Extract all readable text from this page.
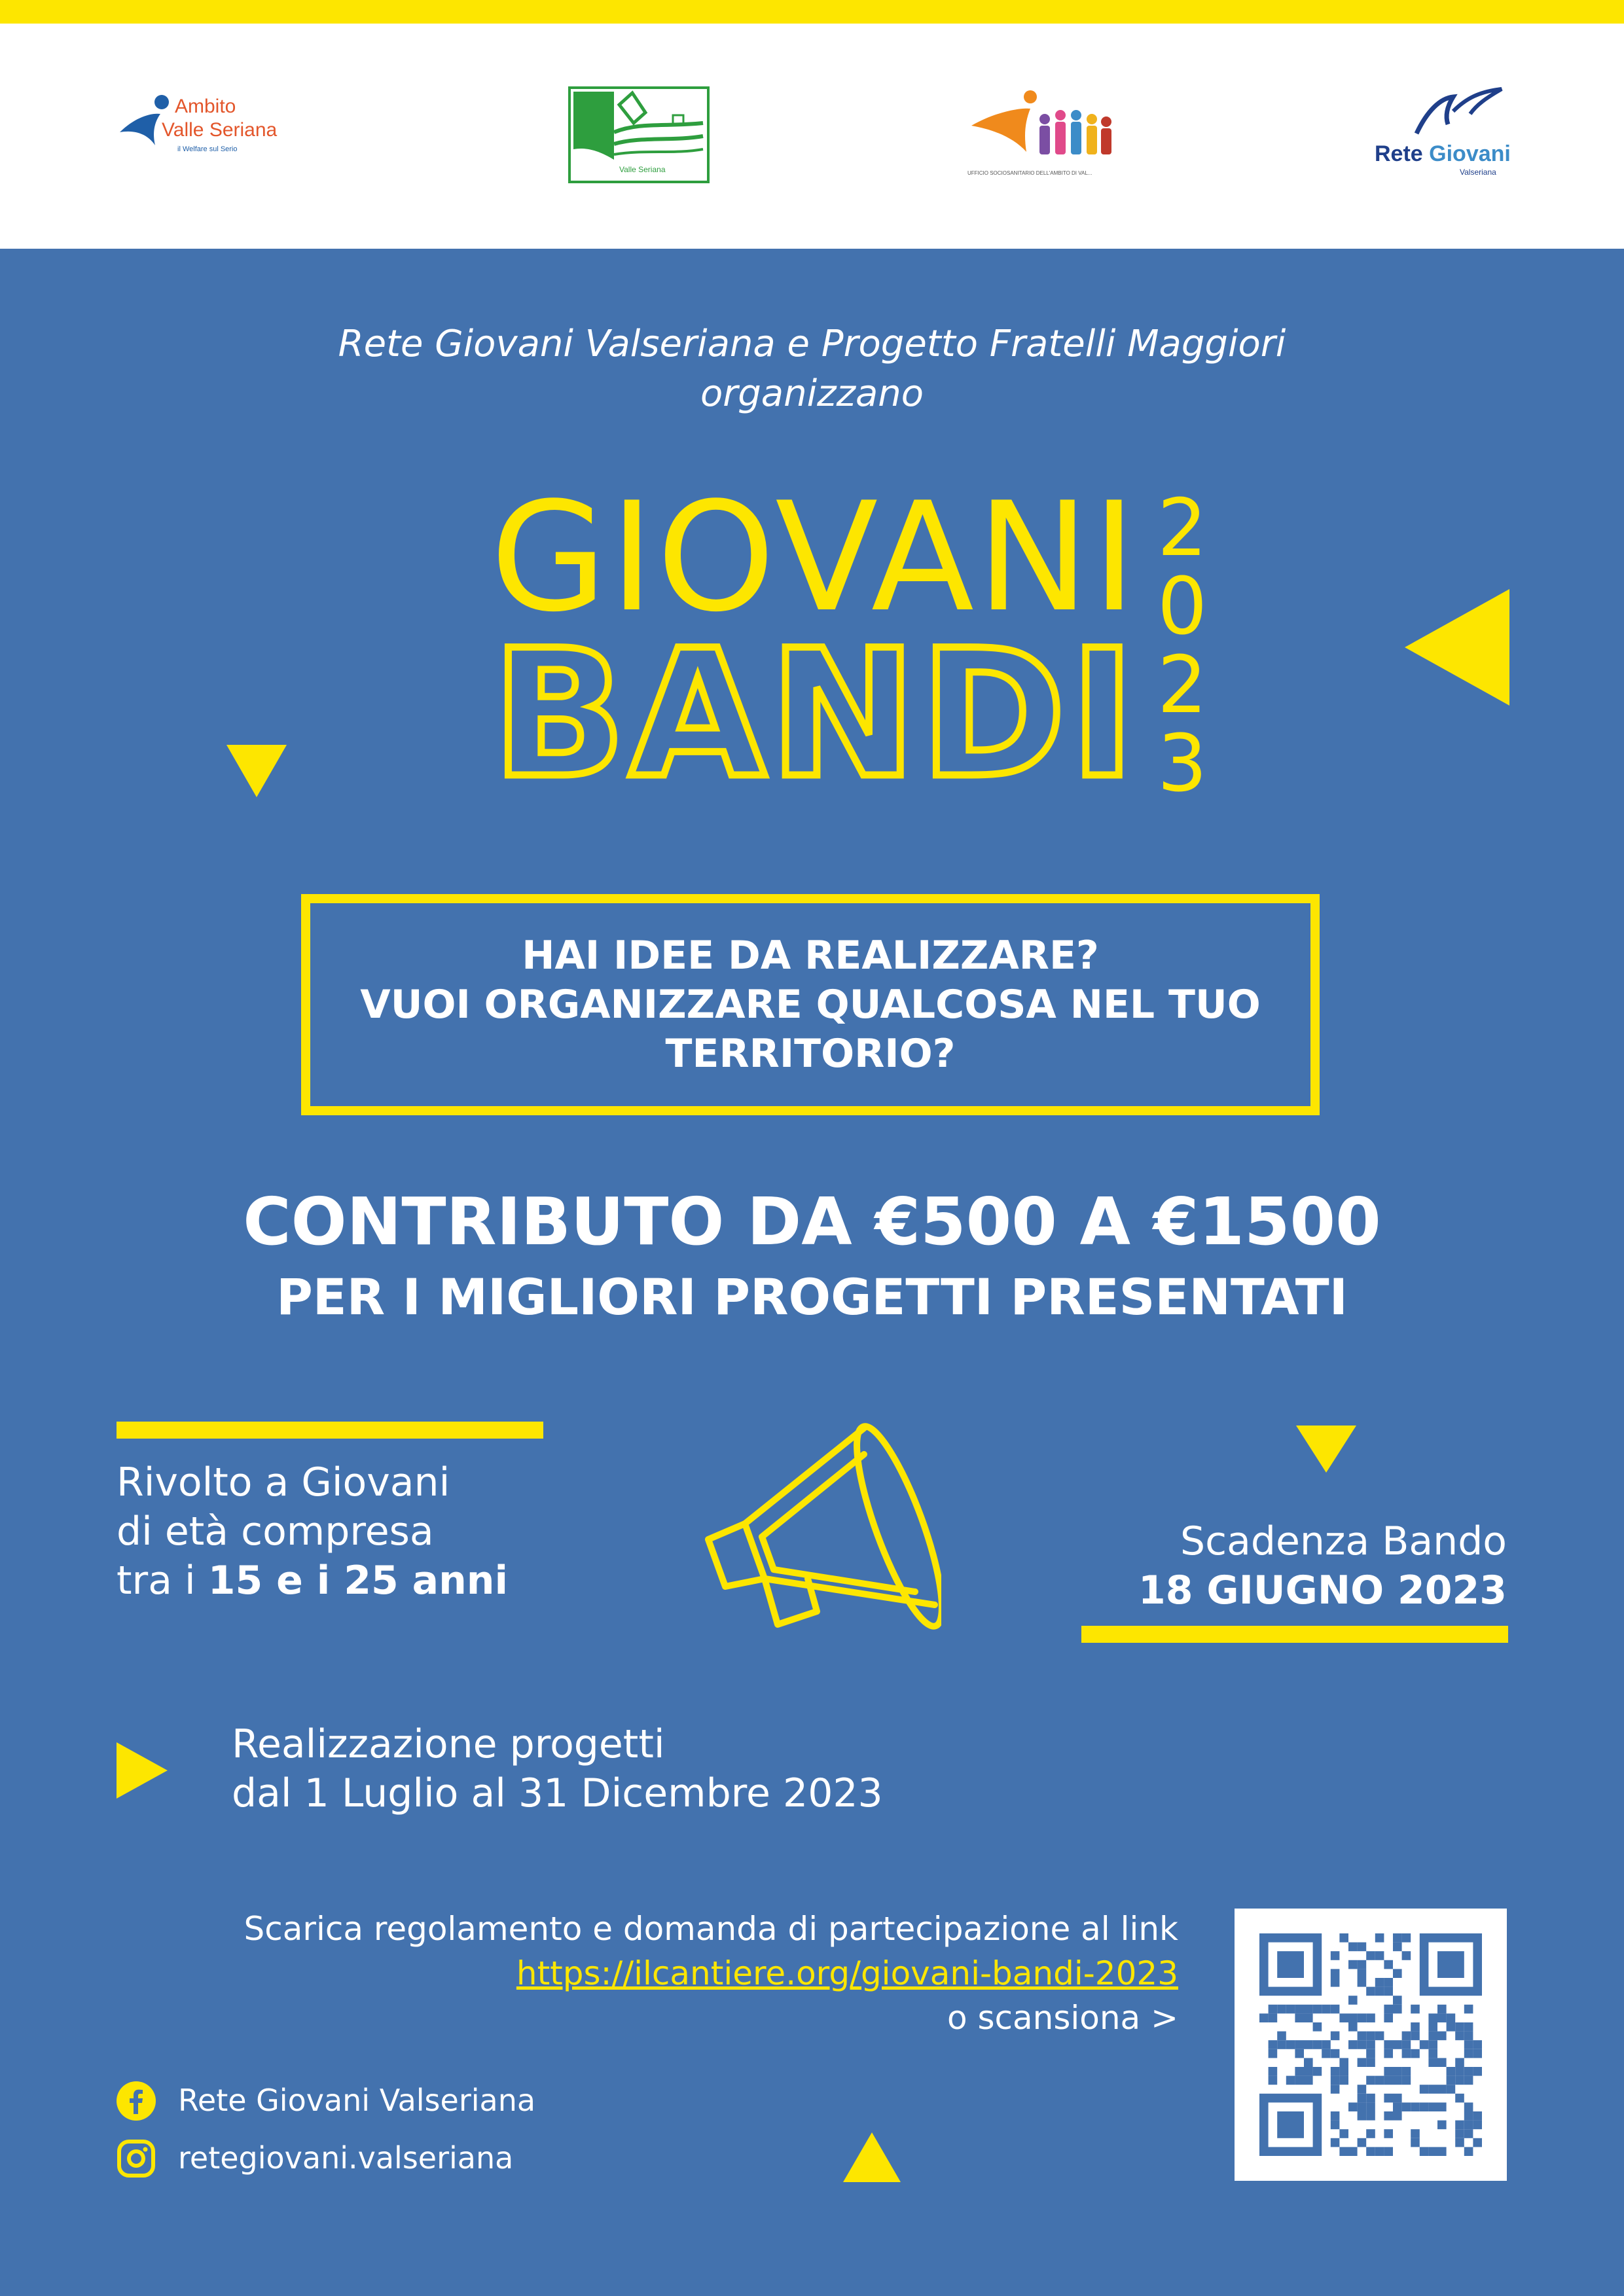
Ambito
Valle Seriana
il Welfare sul Serio
Valle Seriana	UFFICIO SOCIOSANITARIO DELL'AMBITO DI VAL...
Rete Giovani
Valseriana
Rete Giovani Valseriana e Progetto Fratelli Maggiori
organizzano
GIOVANI
BANDI
2
0
2
3
HAI IDEE DA REALIZZARE?
VUOI ORGANIZZARE QUALCOSA NEL TUO
TERRITORIO?
CONTRIBUTO DA €500 A €1500
PER I MIGLIORI PROGETTI PRESENTATI
Rivolto a Giovani
di età compresa
tra i 15 e i 25 anni
Scadenza Bando
18 GIUGNO 2023
Realizzazione progetti
dal 1 Luglio al 31 Dicembre 2023
Scarica regolamento e domanda di partecipazione al link
https://ilcantiere.org/giovani-bandi-2023
o scansiona >
Rete Giovani Valseriana
retegiovani.valseriana
